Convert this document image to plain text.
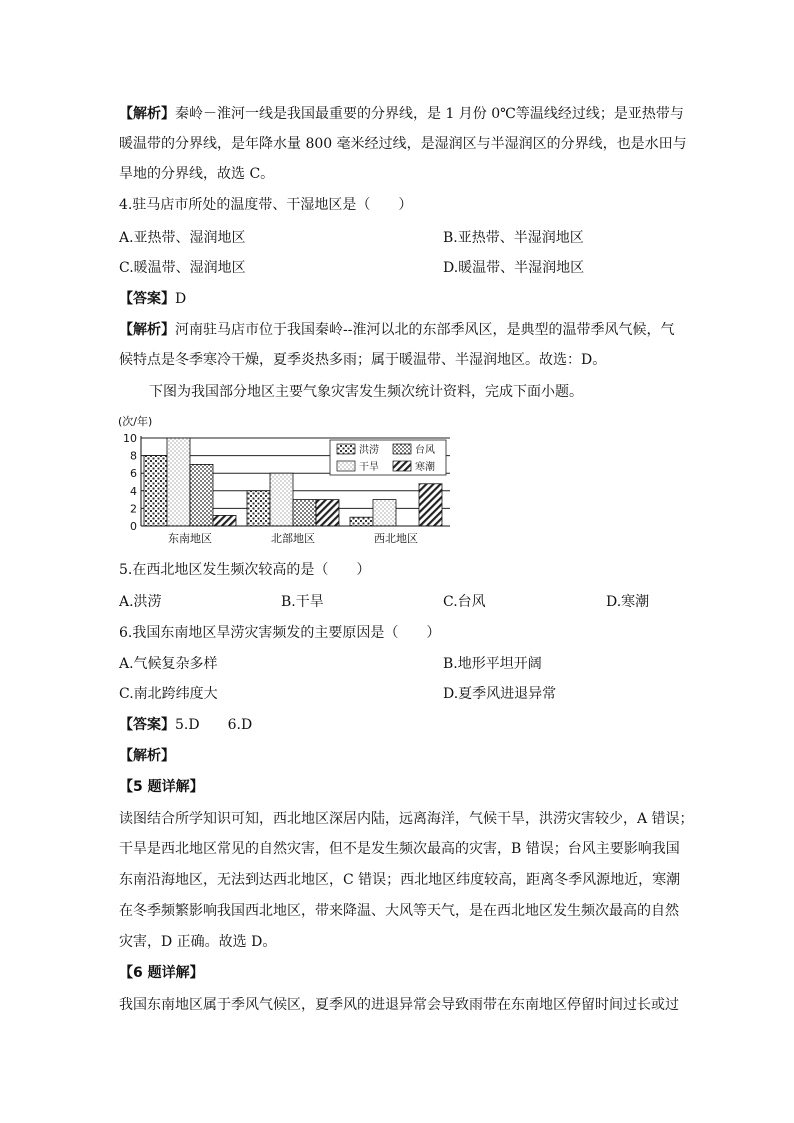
【解析】秦岭－淮河一线是我国最重要的分界线，是 1 月份 0℃等温线经过线；是亚热带与
暖温带的分界线，是年降水量 800 毫米经过线，是湿润区与半湿润区的分界线，也是水田与
旱地的分界线，故选 C。
4.驻马店市所处的温度带、干湿地区是（　　）
A.亚热带、湿润地区	B.亚热带、半湿润地区
C.暖温带、湿润地区	D.暖温带、半湿润地区
【答案】D
【解析】河南驻马店市位于我国秦岭--淮河以北的东部季风区，是典型的温带季风气候，气
候特点是冬季寒冷干燥，夏季炎热多雨；属于暖温带、半湿润地区。故选：D。
下图为我国部分地区主要气象灾害发生频次统计资料，完成下面小题。
(次/年)
10
8
6
4
2
0
东南地区	北部地区	西北地区
洪涝	台风
干旱	寒潮
5.在西北地区发生频次较高的是（　　）
A.洪涝	B.干旱	C.台风	D.寒潮
6.我国东南地区旱涝灾害频发的主要原因是（　　）
A.气候复杂多样	B.地形平坦开阔
C.南北跨纬度大	D.夏季风进退异常
【答案】5.D　　6.D
【解析】
【5 题详解】
读图结合所学知识可知，西北地区深居内陆，远离海洋，气候干旱，洪涝灾害较少，A 错误；
干旱是西北地区常见的自然灾害，但不是发生频次最高的灾害，B 错误；台风主要影响我国
东南沿海地区，无法到达西北地区，C 错误；西北地区纬度较高，距离冬季风源地近，寒潮
在冬季频繁影响我国西北地区，带来降温、大风等天气，是在西北地区发生频次最高的自然
灾害，D 正确。故选 D。
【6 题详解】
我国东南地区属于季风气候区，夏季风的进退异常会导致雨带在东南地区停留时间过长或过
